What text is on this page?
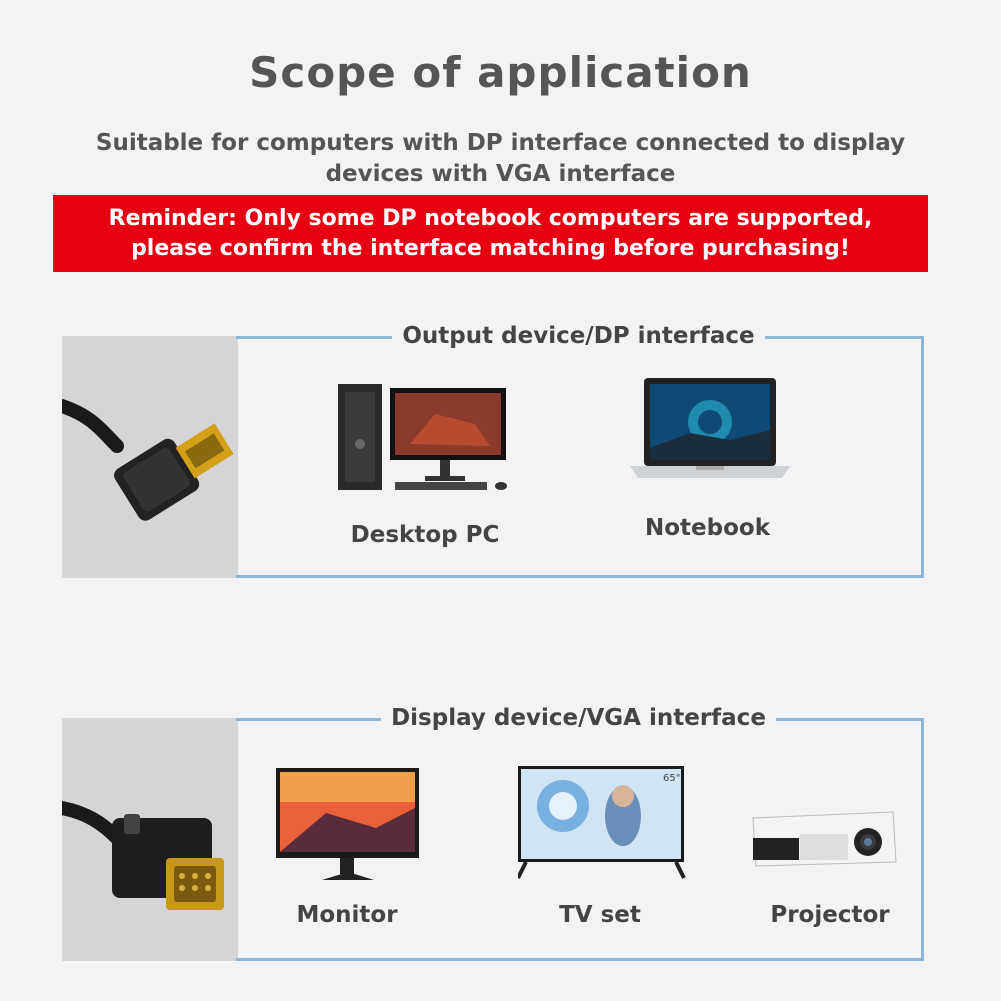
Scope of application
Suitable for computers with DP interface connected to display
devices with VGA interface
Reminder: Only some DP notebook computers are supported,
please confirm the interface matching before purchasing!
Output device/DP interface
Desktop PC	Notebook
Display device/VGA interface
Monitor
65"
TV set	Projector
